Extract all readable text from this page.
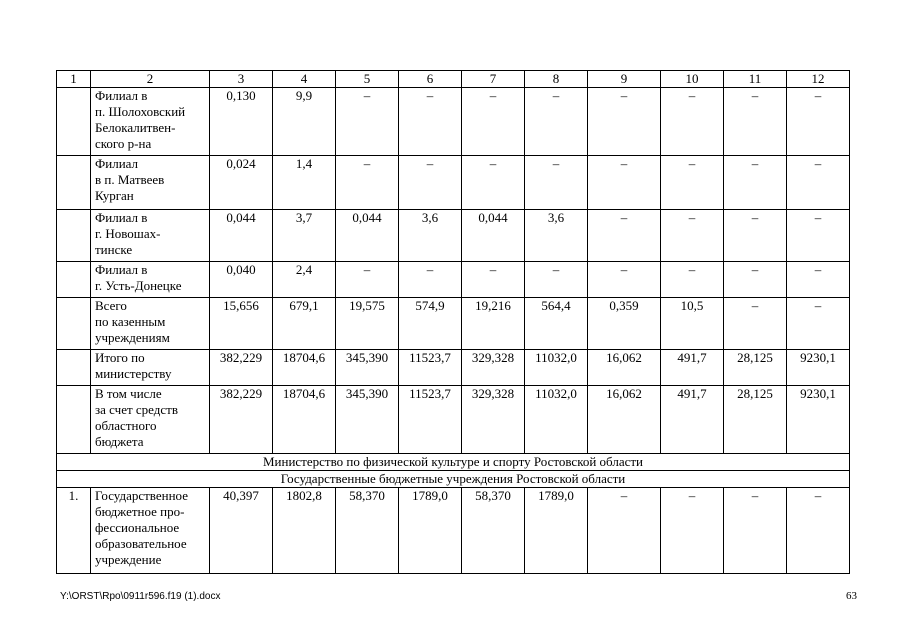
1	2	3	4	5	6	7	8	9	10	11	12
	Филиал в
п. Шолоховский
Белокалитвен-
ского р-на	0,130	9,9	–	–	–	–	–	–	–	–
	Филиал
в п. Матвеев
Курган	0,024	1,4	–	–	–	–	–	–	–	–
	Филиал в
г. Новошах-
тинске	0,044	3,7	0,044	3,6	0,044	3,6	–	–	–	–
	Филиал в
г. Усть-Донецке	0,040	2,4	–	–	–	–	–	–	–	–
	Всего
по казенным
учреждениям	15,656	679,1	19,575	574,9	19,216	564,4	0,359	10,5	–	–
	Итого по
министерству	382,229	18704,6	345,390	11523,7	329,328	11032,0	16,062	491,7	28,125	9230,1
	В том числе
за счет средств
областного
бюджета	382,229	18704,6	345,390	11523,7	329,328	11032,0	16,062	491,7	28,125	9230,1
Министерство по физической культуре и спорту Ростовской области											
Государственные бюджетные учреждения Ростовской области											
1.	Государственное
бюджетное про-
фессиональное
образовательное
учреждение	40,397	1802,8	58,370	1789,0	58,370	1789,0	–	–	–	–
Y:\ORST\Rpo\0911r596.f19 (1).docx	63
